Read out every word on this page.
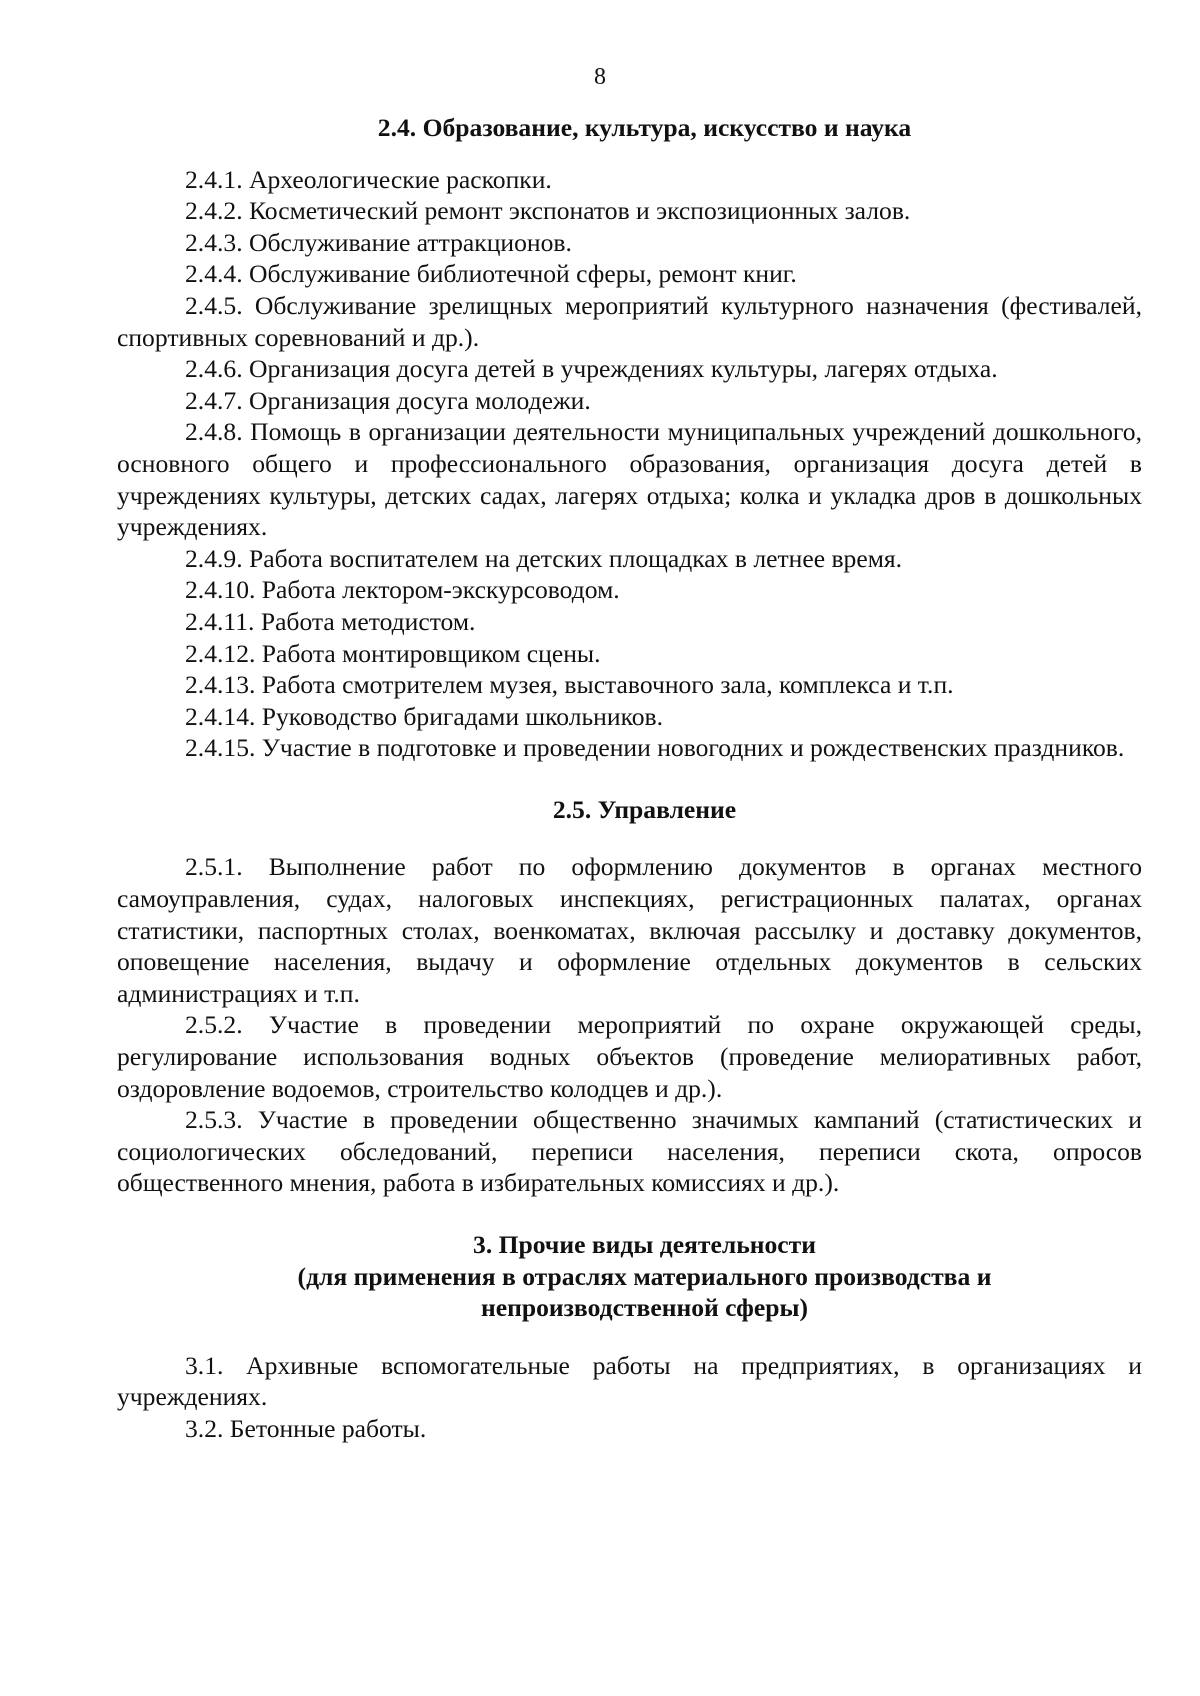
8
2.4. Образование, культура, искусство и наука

2.4.1. Археологические раскопки.

2.4.2. Косметический ремонт экспонатов и экспозиционных залов.

2.4.3. Обслуживание аттракционов.

2.4.4. Обслуживание библиотечной сферы, ремонт книг.

2.4.5. Обслуживание зрелищных мероприятий культурного назначения (фестивалей, спортивных соревнований и др.).

2.4.6. Организация досуга детей в учреждениях культуры, лагерях отдыха.

2.4.7. Организация досуга молодежи.

2.4.8. Помощь в организации деятельности муниципальных учреждений дошкольного, основного общего и профессионального образования, организация досуга детей в учреждениях культуры, детских садах, лагерях отдыха; колка и укладка дров в дошкольных учреждениях.

2.4.9. Работа воспитателем на детских площадках в летнее время.

2.4.10. Работа лектором-экскурсоводом.

2.4.11. Работа методистом.

2.4.12. Работа монтировщиком сцены.

2.4.13. Работа смотрителем музея, выставочного зала, комплекса и т.п.

2.4.14. Руководство бригадами школьников.

2.4.15. Участие в подготовке и проведении новогодних и рождественских праздников.

2.5. Управление

2.5.1. Выполнение работ по оформлению документов в органах местного самоуправления, судах, налоговых инспекциях, регистрационных палатах, органах статистики, паспортных столах, военкоматах, включая рассылку и доставку документов, оповещение населения, выдачу и оформление отдельных документов в сельских администрациях и т.п.

2.5.2. Участие в проведении мероприятий по охране окружающей среды, регулирование использования водных объектов (проведение мелиоративных работ, оздоровление водоемов, строительство колодцев и др.).

2.5.3. Участие в проведении общественно значимых кампаний (статистических и социологических обследований, переписи населения, переписи скота, опросов общественного мнения, работа в избирательных комиссиях и др.).

3. Прочие виды деятельности
(для применения в отраслях материального производства и
непроизводственной сферы)

3.1. Архивные вспомогательные работы на предприятиях, в организациях и учреждениях.

3.2. Бетонные работы.
